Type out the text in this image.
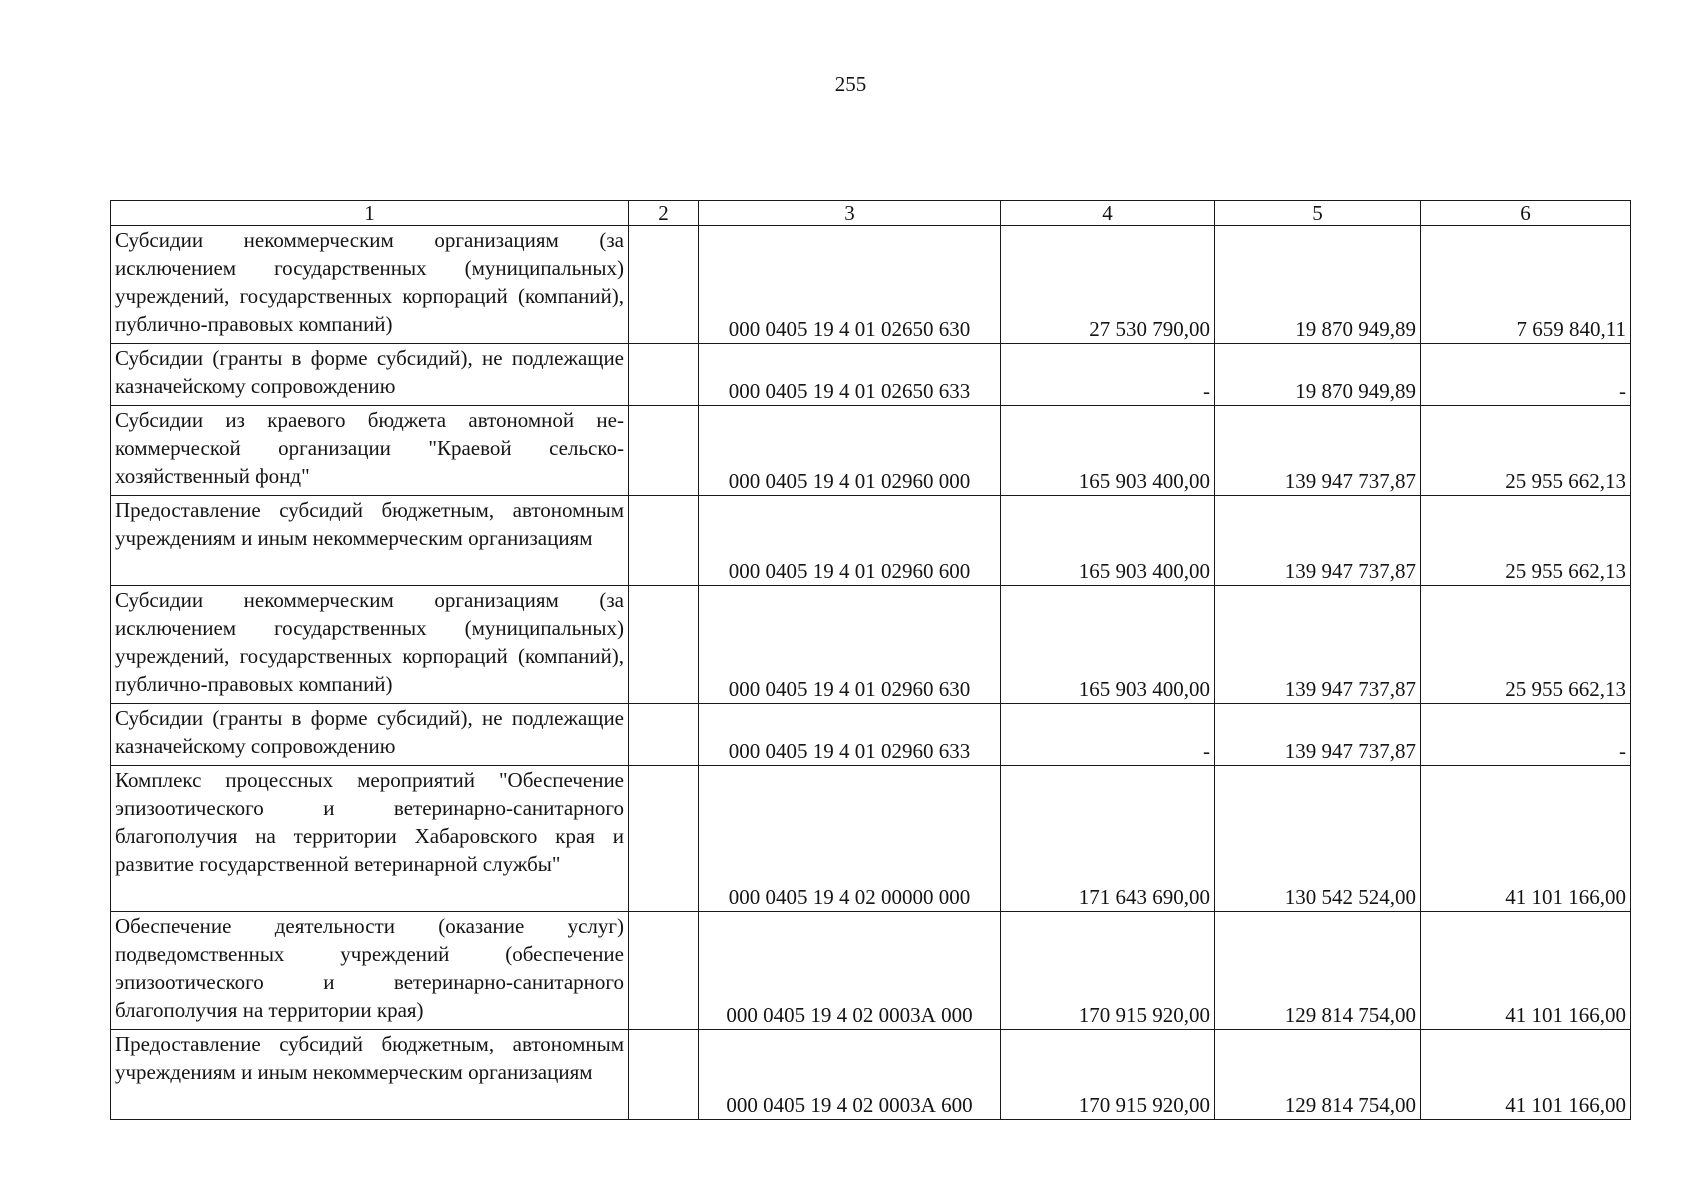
255
1	2	3	4	5	6
Субсидии некоммерческим организациям (за исключением государственных (муниципальных) учреждений, государственных корпораций (компаний), публично-правовых компаний)		000 0405 19 4 01 02650 630	27 530 790,00	19 870 949,89	7 659 840,11
Субсидии (гранты в форме субсидий), не подлежащие казначейскому сопровождению		000 0405 19 4 01 02650 633	-	19 870 949,89	-
Субсидии из краевого бюджета автономной некоммерческой организации "Краевой сельскохозяйственный фонд"		000 0405 19 4 01 02960 000	165 903 400,00	139 947 737,87	25 955 662,13
Предоставление субсидий бюджетным, автономным учреждениям и иным некоммерческим организациям		000 0405 19 4 01 02960 600	165 903 400,00	139 947 737,87	25 955 662,13
Субсидии некоммерческим организациям (за исключением государственных (муниципальных) учреждений, государственных корпораций (компаний), публично-правовых компаний)		000 0405 19 4 01 02960 630	165 903 400,00	139 947 737,87	25 955 662,13
Субсидии (гранты в форме субсидий), не подлежащие казначейскому сопровождению		000 0405 19 4 01 02960 633	-	139 947 737,87	-
Комплекс процессных мероприятий "Обеспечение эпизоотического и ветеринарно-санитарного благополучия на территории Хабаровского края и развитие государственной ветеринарной службы"		000 0405 19 4 02 00000 000	171 643 690,00	130 542 524,00	41 101 166,00
Обеспечение деятельности (оказание услуг) подведомственных учреждений (обеспечение эпизоотического и ветеринарно-санитарного благополучия на территории края)		000 0405 19 4 02 0003А 000	170 915 920,00	129 814 754,00	41 101 166,00
Предоставление субсидий бюджетным, автономным учреждениям и иным некоммерческим организациям		000 0405 19 4 02 0003А 600	170 915 920,00	129 814 754,00	41 101 166,00
